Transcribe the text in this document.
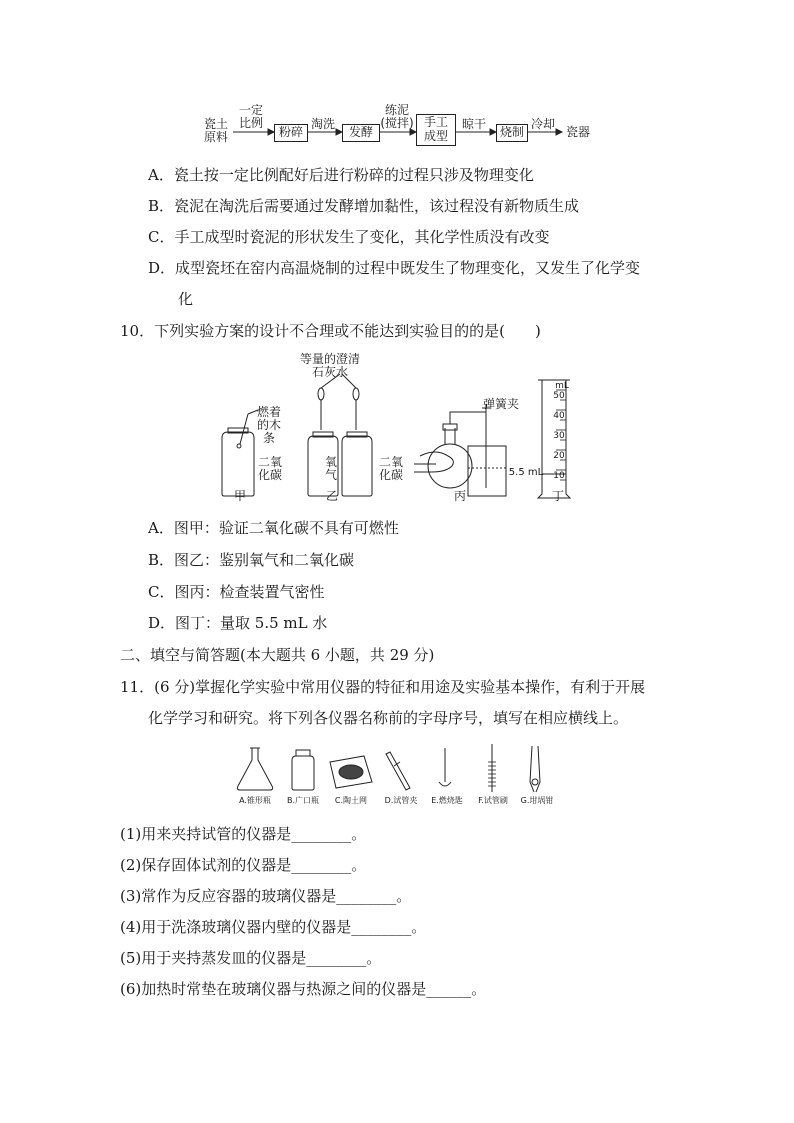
瓷土
原料
一定
比例
粉碎
淘洗
发酵
练泥
(搅拌) 手工
成型
晾干
烧制
冷却
瓷器
A．瓷土按一定比例配好后进行粉碎的过程只涉及物理变化
B．瓷泥在淘洗后需要通过发酵增加黏性，该过程没有新物质生成
C．手工成型时瓷泥的形状发生了变化，其化学性质没有改变
D．成型瓷坯在窑内高温烧制的过程中既发生了物理变化，又发生了化学变
化
10．下列实验方案的设计不合理或不能达到实验目的的是(　　)
等量的澄清
石灰水
燃着
的木
条
二氧
化碳
氧
气
二氧
化碳
弹簧夹
mL
50
40
30
20
10
5.5 mL
甲	乙	丙	丁
A．图甲：验证二氧化碳不具有可燃性
B．图乙：鉴别氧气和二氧化碳
C．图丙：检查装置气密性
D．图丁：量取 5.5 mL 水
二、填空与简答题(本大题共 6 小题，共 29 分)
11．(6 分)掌握化学实验中常用仪器的特征和用途及实验基本操作，有利于开展
化学学习和研究。将下列各仪器名称前的字母序号，填写在相应横线上。
A.锥形瓶	B.广口瓶	C.陶土网	D.试管夹	E.燃烧匙	F.试管刷	G.坩埚钳
(1)用来夹持试管的仪器是________。
(2)保存固体试剂的仪器是________。
(3)常作为反应容器的玻璃仪器是________。
(4)用于洗涤玻璃仪器内壁的仪器是________。
(5)用于夹持蒸发皿的仪器是________。
(6)加热时常垫在玻璃仪器与热源之间的仪器是______。
